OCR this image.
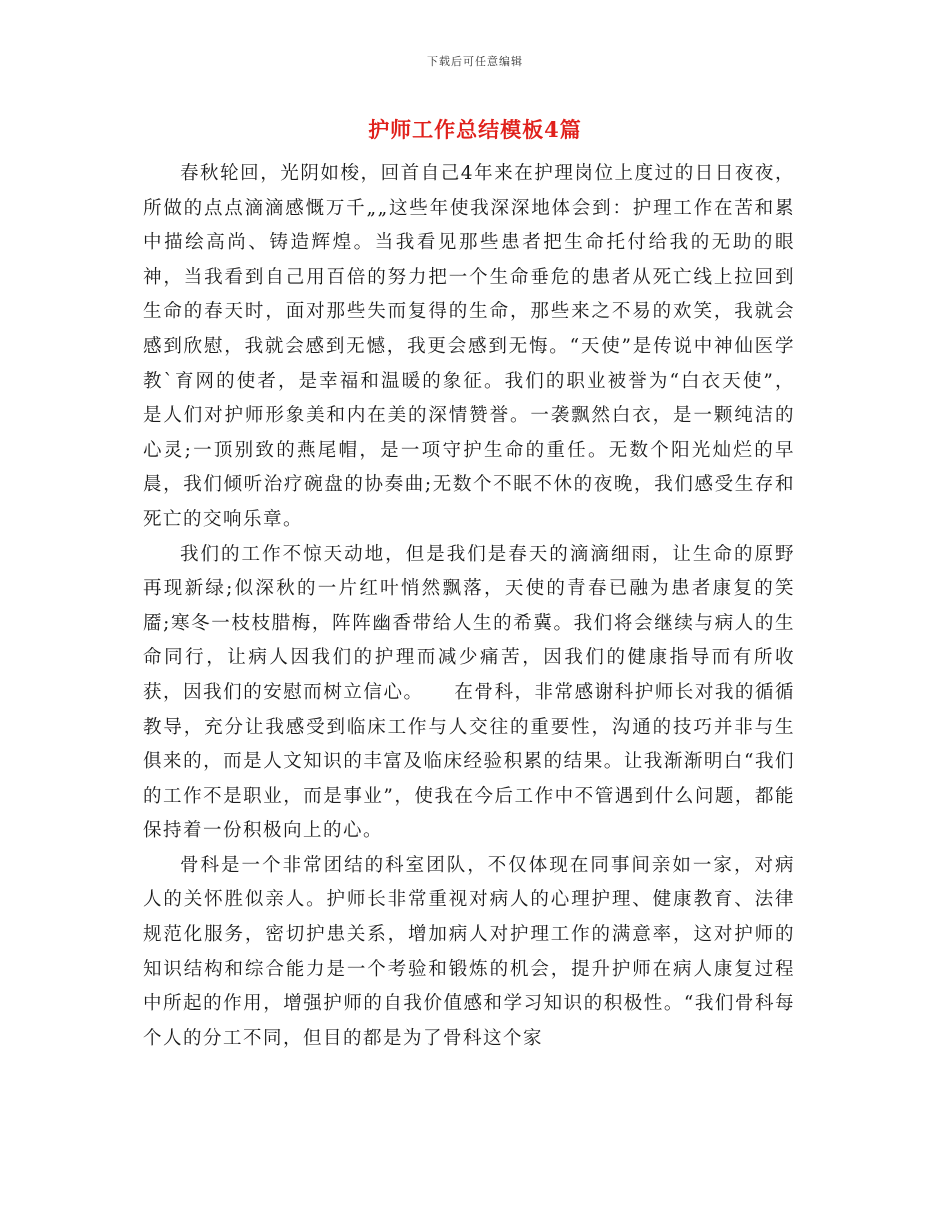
下载后可任意编辑
护师工作总结模板4篇

春秋轮回，光阴如梭，回首自己4年来在护理岗位上度过的日日夜夜，所做的点点滴滴感慨万千„„这些年使我深深地体会到：护理工作在苦和累中描绘高尚、铸造辉煌。当我看见那些患者把生命托付给我的无助的眼神，当我看到自己用百倍的努力把一个生命垂危的患者从死亡线上拉回到生命的春天时，面对那些失而复得的生命，那些来之不易的欢笑，我就会感到欣慰，我就会感到无憾，我更会感到无悔。“天使”是传说中神仙医学教`育网的使者，是幸福和温暖的象征。我们的职业被誉为“白衣天使”，是人们对护师形象美和内在美的深情赞誉。一袭飘然白衣，是一颗纯洁的心灵;一顶别致的燕尾帽，是一项守护生命的重任。无数个阳光灿烂的早晨，我们倾听治疗碗盘的协奏曲;无数个不眠不休的夜晚，我们感受生存和死亡的交响乐章。

我们的工作不惊天动地，但是我们是春天的滴滴细雨，让生命的原野再现新绿;似深秋的一片红叶悄然飘落，天使的青春已融为患者康复的笑靥;寒冬一枝枝腊梅，阵阵幽香带给人生的希冀。我们将会继续与病人的生命同行，让病人因我们的护理而减少痛苦，因我们的健康指导而有所收获，因我们的安慰而树立信心。　　在骨科，非常感谢科护师长对我的循循教导，充分让我感受到临床工作与人交往的重要性，沟通的技巧并非与生俱来的，而是人文知识的丰富及临床经验积累的结果。让我渐渐明白“我们的工作不是职业，而是事业”，使我在今后工作中不管遇到什么问题，都能保持着一份积极向上的心。

骨科是一个非常团结的科室团队，不仅体现在同事间亲如一家，对病人的关怀胜似亲人。护师长非常重视对病人的心理护理、健康教育、法律规范化服务，密切护患关系，增加病人对护理工作的满意率，这对护师的知识结构和综合能力是一个考验和锻炼的机会，提升护师在病人康复过程中所起的作用，增强护师的自我价值感和学习知识的积极性。“我们骨科每个人的分工不同，但目的都是为了骨科这个家
